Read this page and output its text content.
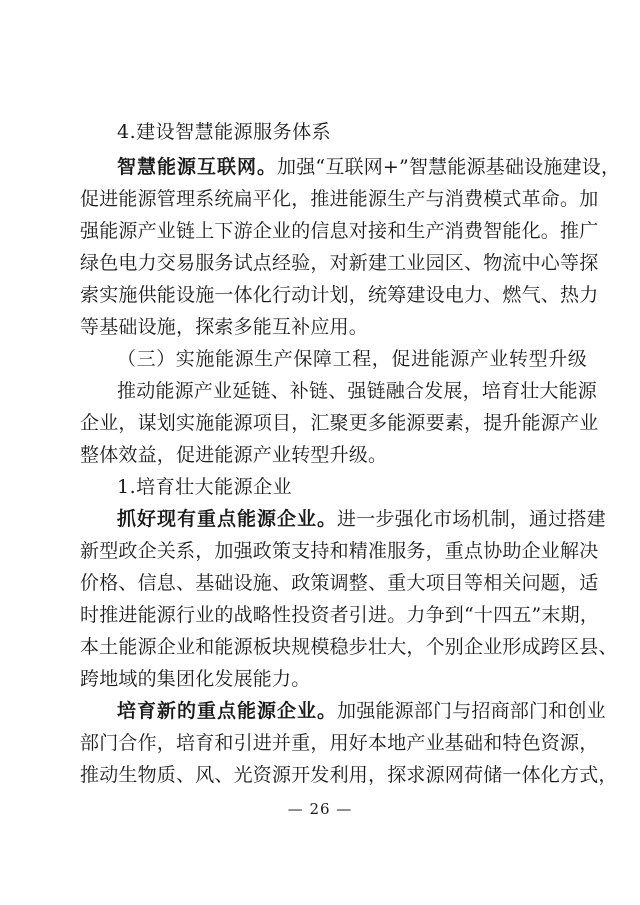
4.建设智慧能源服务体系
智慧能源互联网。加强“互联网+”智慧能源基础设施建设，
促进能源管理系统扁平化，推进能源生产与消费模式革命。加
强能源产业链上下游企业的信息对接和生产消费智能化。推广
绿色电力交易服务试点经验，对新建工业园区、物流中心等探
索实施供能设施一体化行动计划，统筹建设电力、燃气、热力
等基础设施，探索多能互补应用。
（三）实施能源生产保障工程，促进能源产业转型升级
推动能源产业延链、补链、强链融合发展，培育壮大能源
企业，谋划实施能源项目，汇聚更多能源要素，提升能源产业
整体效益，促进能源产业转型升级。
1.培育壮大能源企业
抓好现有重点能源企业。进一步强化市场机制，通过搭建
新型政企关系，加强政策支持和精准服务，重点协助企业解决
价格、信息、基础设施、政策调整、重大项目等相关问题，适
时推进能源行业的战略性投资者引进。力争到“十四五”末期，
本土能源企业和能源板块规模稳步壮大，个别企业形成跨区县、
跨地域的集团化发展能力。
培育新的重点能源企业。加强能源部门与招商部门和创业
部门合作，培育和引进并重，用好本地产业基础和特色资源，
推动生物质、风、光资源开发利用，探求源网荷储一体化方式，
— 26 —
